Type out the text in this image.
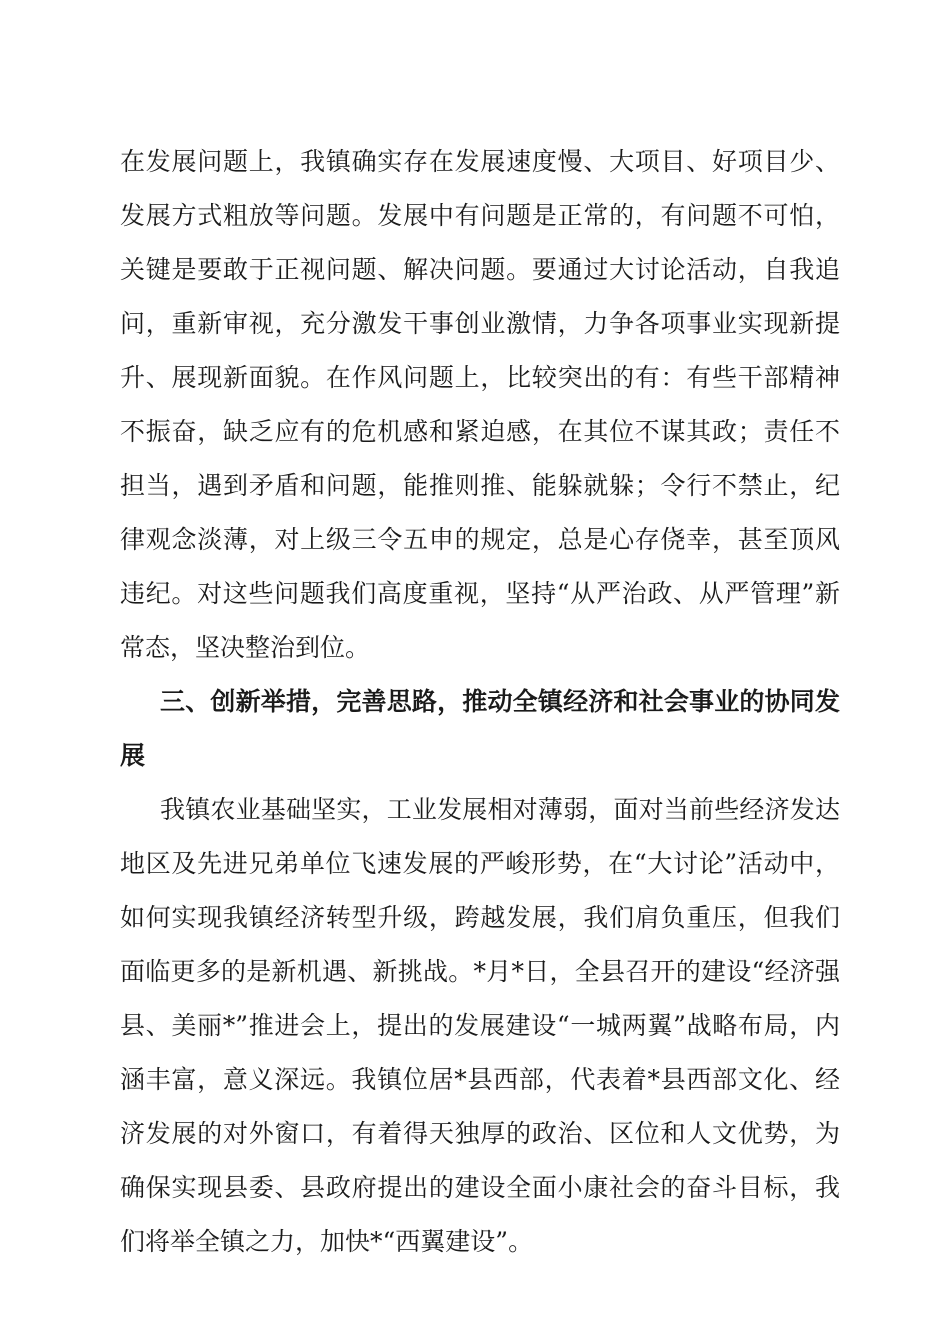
在发展问题上，我镇确实存在发展速度慢、大项目、好项目少、发展方式粗放等问题。发展中有问题是正常的，有问题不可怕，关键是要敢于正视问题、解决问题。要通过大讨论活动，自我追问，重新审视，充分激发干事创业激情，力争各项事业实现新提升、展现新面貌。在作风问题上，比较突出的有：有些干部精神不振奋，缺乏应有的危机感和紧迫感，在其位不谋其政；责任不担当，遇到矛盾和问题，能推则推、能躲就躲；令行不禁止，纪律观念淡薄，对上级三令五申的规定，总是心存侥幸，甚至顶风违纪。对这些问题我们高度重视，坚持“从严治政、从严管理”新常态，坚决整治到位。

三、创新举措，完善思路，推动全镇经济和社会事业的协同发展

我镇农业基础坚实，工业发展相对薄弱，面对当前些经济发达地区及先进兄弟单位飞速发展的严峻形势，在“大讨论”活动中，如何实现我镇经济转型升级，跨越发展，我们肩负重压，但我们面临更多的是新机遇、新挑战。*月*日，全县召开的建设“经济强县、美丽*”推进会上，提出的发展建设“一城两翼”战略布局，内涵丰富，意义深远。我镇位居*县西部，代表着*县西部文化、经济发展的对外窗口，有着得天独厚的政治、区位和人文优势，为确保实现县委、县政府提出的建设全面小康社会的奋斗目标，我们将举全镇之力，加快*“西翼建设”。
